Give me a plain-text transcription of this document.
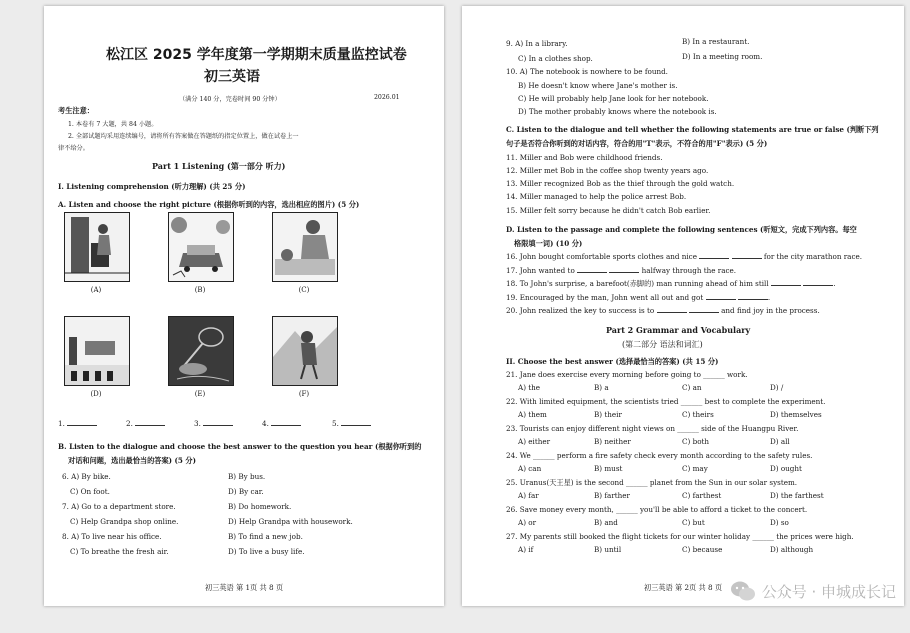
松江区 2025 学年度第一学期期末质量监控试卷
初三英语
（满分 140 分，完卷时间 90 分钟）	2026.01
考生注意：
1. 本卷有 7 大题，共 84 小题。
2. 全部试题均采用连续编号，请将所有答案做在答题纸的指定位置上，做在试卷上一
律不给分。
Part 1 Listening (第一部分 听力)
I. Listening comprehension (听力理解) (共 25 分)
A. Listen and choose the right picture (根据你听到的内容，选出相应的图片) (5 分)
(A)	(B)	(C)
(D)	(E)	(F)
1.	2.	3.	4.	5.
B. Listen to the dialogue and choose the best answer to the question you hear (根据你听到的
对话和问题，选出最恰当的答案) (5 分)
6. A) By bike.	B) By bus.
C) On foot.	D) By car.
7. A) Go to a department store.	B) Do homework.
C) Help Grandpa shop online.	D) Help Grandpa with housework.
8. A) To live near his office.	B) To find a new job.
C) To breathe the fresh air.	D) To live a busy life.
初三英语 第 1页 共 8 页
9. A) In a library.	B) In a restaurant.
C) In a clothes shop.	D) In a meeting room.
10. A) The notebook is nowhere to be found.
B) He doesn't know where Jane's mother is.
C) He will probably help Jane look for her notebook.
D) The mother probably knows where the notebook is.
C. Listen to the dialogue and tell whether the following statements are true or false (判断下列
句子是否符合你听到的对话内容，符合的用"T"表示，不符合的用"F"表示) (5 分)
11. Miller and Bob were childhood friends.
12. Miller met Bob in the coffee shop twenty years ago.
13. Miller recognized Bob as the thief through the gold watch.
14. Miller managed to help the police arrest Bob.
15. Miller felt sorry because he didn't catch Bob earlier.
D. Listen to the passage and complete the following sentences (听短文，完成下列内容。每空
格限填一词) (10 分)
16. John bought comfortable sports clothes and nice	for the city marathon race.
17. John wanted to	halfway through the race.
18. To John's surprise, a barefoot(赤脚的) man running ahead of him still	.
19. Encouraged by the man, John went all out and got	.
20. John realized the key to success is to	and find joy in the process.
Part 2 Grammar and Vocabulary
(第二部分 语法和词汇)
II. Choose the best answer (选择最恰当的答案) (共 15 分)
21. Jane does exercise every morning before going to ______ work.
A) the	B) a	C) an	D) /
22. With limited equipment, the scientists tried ______ best to complete the experiment.
A) them	B) their	C) theirs	D) themselves
23. Tourists can enjoy different night views on ______ side of the Huangpu River.
A) either	B) neither	C) both	D) all
24. We ______ perform a fire safety check every month according to the safety rules.
A) can	B) must	C) may	D) ought
25. Uranus(天王星) is the second ______ planet from the Sun in our solar system.
A) far	B) farther	C) farthest	D) the farthest
26. Save money every month, ______ you'll be able to afford a ticket to the concert.
A) or	B) and	C) but	D) so
27. My parents still booked the flight tickets for our winter holiday ______ the prices were high.
A) if	B) until	C) because	D) although
初三英语 第 2页 共 8 页	公众号 · 申城成长记
